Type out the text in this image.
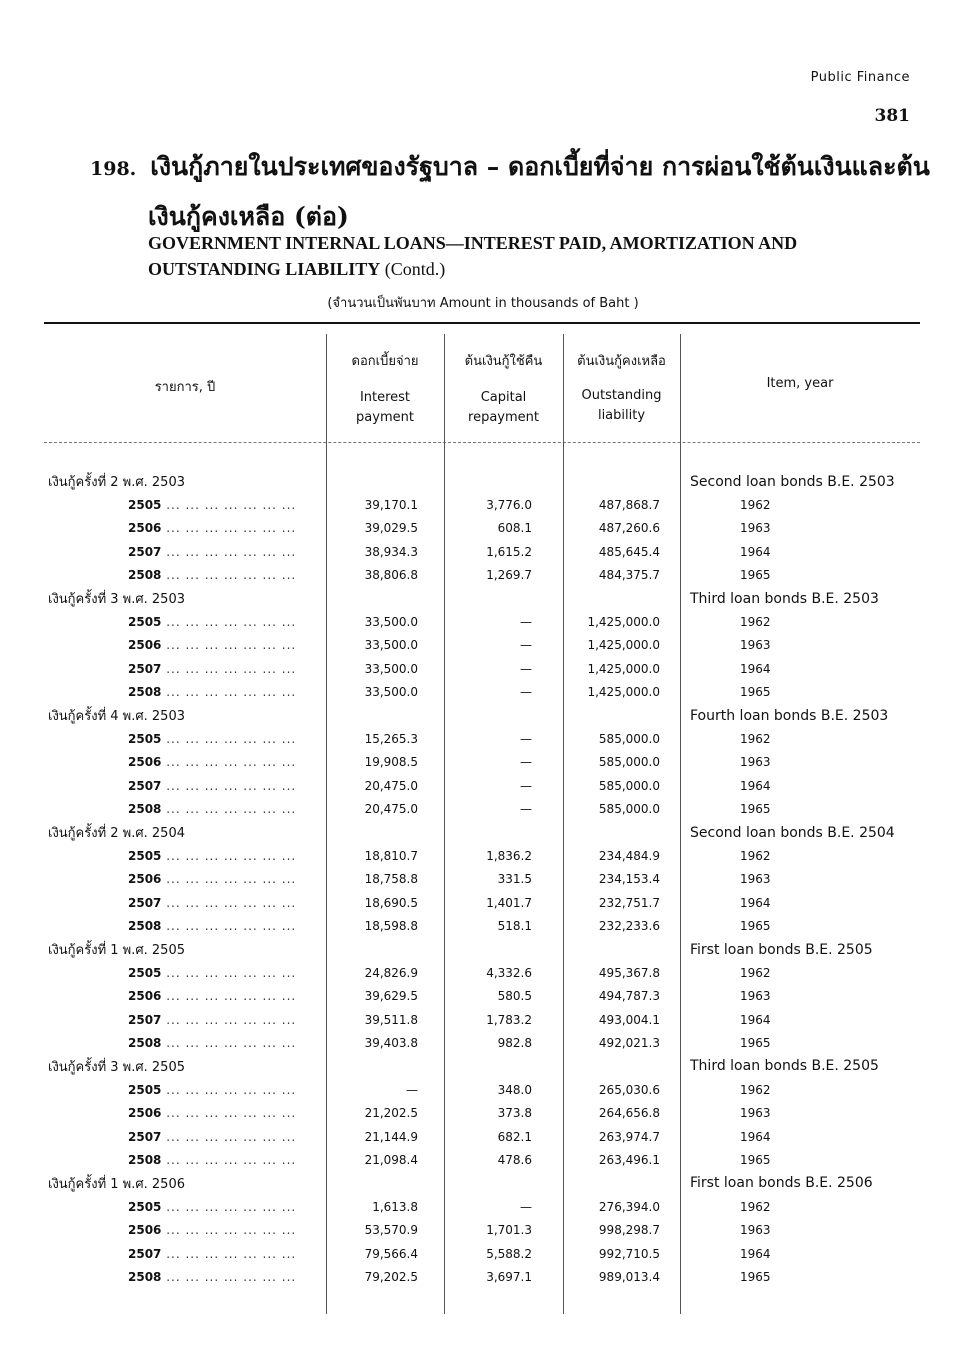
Public Finance
381
198. เงินกู้ภายในประเทศของรัฐบาล – ดอกเบี้ยที่จ่าย การผ่อนใช้ต้นเงินและต้น
เงินกู้คงเหลือ (ต่อ)
GOVERNMENT INTERNAL LOANS—INTEREST PAID, AMORTIZATION AND
OUTSTANDING LIABILITY (Contd.)
(จำนวนเป็นพันบาท Amount in thousands of Baht )
รายการ, ปี
ดอกเบี้ยจ่าย
Interest
payment
ต้นเงินกู้ใช้คืน
Capital
repayment
ต้นเงินกู้คงเหลือ
Outstanding
liability
Item, year
เงินกู้ครั้งที่ 2 พ.ศ. 2503				Second loan bonds B.E. 2503
2505 ... ... ... ... ... ... ...	39,170.1	3,776.0	487,868.7	1962
2506 ... ... ... ... ... ... ...	39,029.5	608.1	487,260.6	1963
2507 ... ... ... ... ... ... ...	38,934.3	1,615.2	485,645.4	1964
2508 ... ... ... ... ... ... ...	38,806.8	1,269.7	484,375.7	1965
เงินกู้ครั้งที่ 3 พ.ศ. 2503				Third loan bonds B.E. 2503
2505 ... ... ... ... ... ... ...	33,500.0	—	1,425,000.0	1962
2506 ... ... ... ... ... ... ...	33,500.0	—	1,425,000.0	1963
2507 ... ... ... ... ... ... ...	33,500.0	—	1,425,000.0	1964
2508 ... ... ... ... ... ... ...	33,500.0	—	1,425,000.0	1965
เงินกู้ครั้งที่ 4 พ.ศ. 2503				Fourth loan bonds B.E. 2503
2505 ... ... ... ... ... ... ...	15,265.3	—	585,000.0	1962
2506 ... ... ... ... ... ... ...	19,908.5	—	585,000.0	1963
2507 ... ... ... ... ... ... ...	20,475.0	—	585,000.0	1964
2508 ... ... ... ... ... ... ...	20,475.0	—	585,000.0	1965
เงินกู้ครั้งที่ 2 พ.ศ. 2504				Second loan bonds B.E. 2504
2505 ... ... ... ... ... ... ...	18,810.7	1,836.2	234,484.9	1962
2506 ... ... ... ... ... ... ...	18,758.8	331.5	234,153.4	1963
2507 ... ... ... ... ... ... ...	18,690.5	1,401.7	232,751.7	1964
2508 ... ... ... ... ... ... ...	18,598.8	518.1	232,233.6	1965
เงินกู้ครั้งที่ 1 พ.ศ. 2505				First loan bonds B.E. 2505
2505 ... ... ... ... ... ... ...	24,826.9	4,332.6	495,367.8	1962
2506 ... ... ... ... ... ... ...	39,629.5	580.5	494,787.3	1963
2507 ... ... ... ... ... ... ...	39,511.8	1,783.2	493,004.1	1964
2508 ... ... ... ... ... ... ...	39,403.8	982.8	492,021.3	1965
เงินกู้ครั้งที่ 3 พ.ศ. 2505				Third loan bonds B.E. 2505
2505 ... ... ... ... ... ... ...	—	348.0	265,030.6	1962
2506 ... ... ... ... ... ... ...	21,202.5	373.8	264,656.8	1963
2507 ... ... ... ... ... ... ...	21,144.9	682.1	263,974.7	1964
2508 ... ... ... ... ... ... ...	21,098.4	478.6	263,496.1	1965
เงินกู้ครั้งที่ 1 พ.ศ. 2506				First loan bonds B.E. 2506
2505 ... ... ... ... ... ... ...	1,613.8	—	276,394.0	1962
2506 ... ... ... ... ... ... ...	53,570.9	1,701.3	998,298.7	1963
2507 ... ... ... ... ... ... ...	79,566.4	5,588.2	992,710.5	1964
2508 ... ... ... ... ... ... ...	79,202.5	3,697.1	989,013.4	1965
